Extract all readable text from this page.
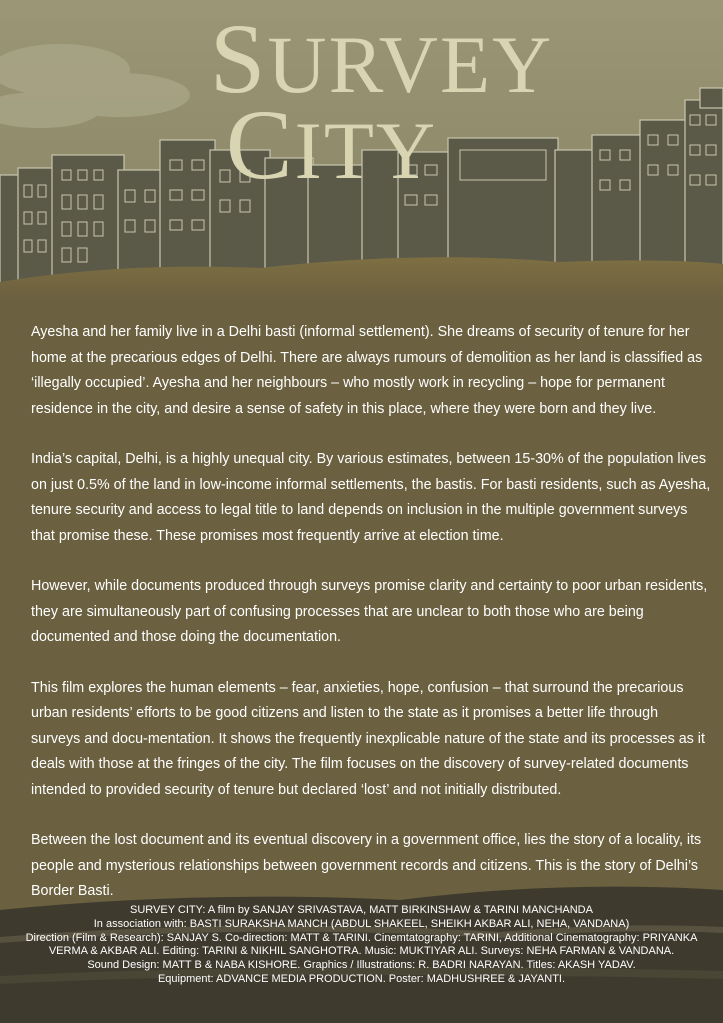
SURVEY
CITY

Ayesha and her family live in a Delhi basti (informal settlement). She dreams of security of tenure for her home at the precarious edges of Delhi. There are always rumours of demolition as her land is classified as ‘illegally occupied’. Ayesha and her neighbours – who mostly work in recycling – hope for permanent residence in the city, and desire a sense of safety in this place, where they were born and they live.

India’s capital, Delhi, is a highly unequal city. By various estimates, between 15-30% of the population lives on just 0.5% of the land in low-income informal settlements, the bastis. For basti residents, such as Ayesha, tenure security and access to legal title to land depends on inclusion in the multiple government surveys that promise these. These promises most frequently arrive at election time.

However, while documents produced through surveys promise clarity and certainty to poor urban residents, they are simultaneously part of confusing processes that are unclear to both those who are being documented and those doing the documentation.

This film explores the human elements – fear, anxieties, hope, confusion – that surround the precarious urban residents’ efforts to be good citizens and listen to the state as it promises a better life through surveys and docu-mentation. It shows the frequently inexplicable nature of the state and its processes as it deals with those at the fringes of the city. The film focuses on the discovery of survey-related documents intended to provided security of tenure but declared ‘lost’ and not initially distributed.

Between the lost document and its eventual discovery in a government office, lies the story of a locality, its people and mysterious relationships between government records and citizens. This is the story of Delhi’s Border Basti.

SURVEY CITY: A film by SANJAY SRIVASTAVA, MATT BIRKINSHAW & TARINI MANCHANDA
In association with: BASTI SURAKSHA MANCH (ABDUL SHAKEEL, SHEIKH AKBAR ALI, NEHA, VANDANA)
Direction (Film & Research): SANJAY S. Co-direction: MATT & TARINI. Cinemtatography: TARINI, Additional Cinematography: PRIYANKA
VERMA & AKBAR ALI. Editing: TARINI & NIKHIL SANGHOTRA. Music: MUKTIYAR ALI. Surveys: NEHA FARMAN & VANDANA.
Sound Design: MATT B & NABA KISHORE. Graphics / Illustrations: R. BADRI NARAYAN. Titles: AKASH YADAV.
Equipment: ADVANCE MEDIA PRODUCTION. Poster: MADHUSHREE & JAYANTI.
